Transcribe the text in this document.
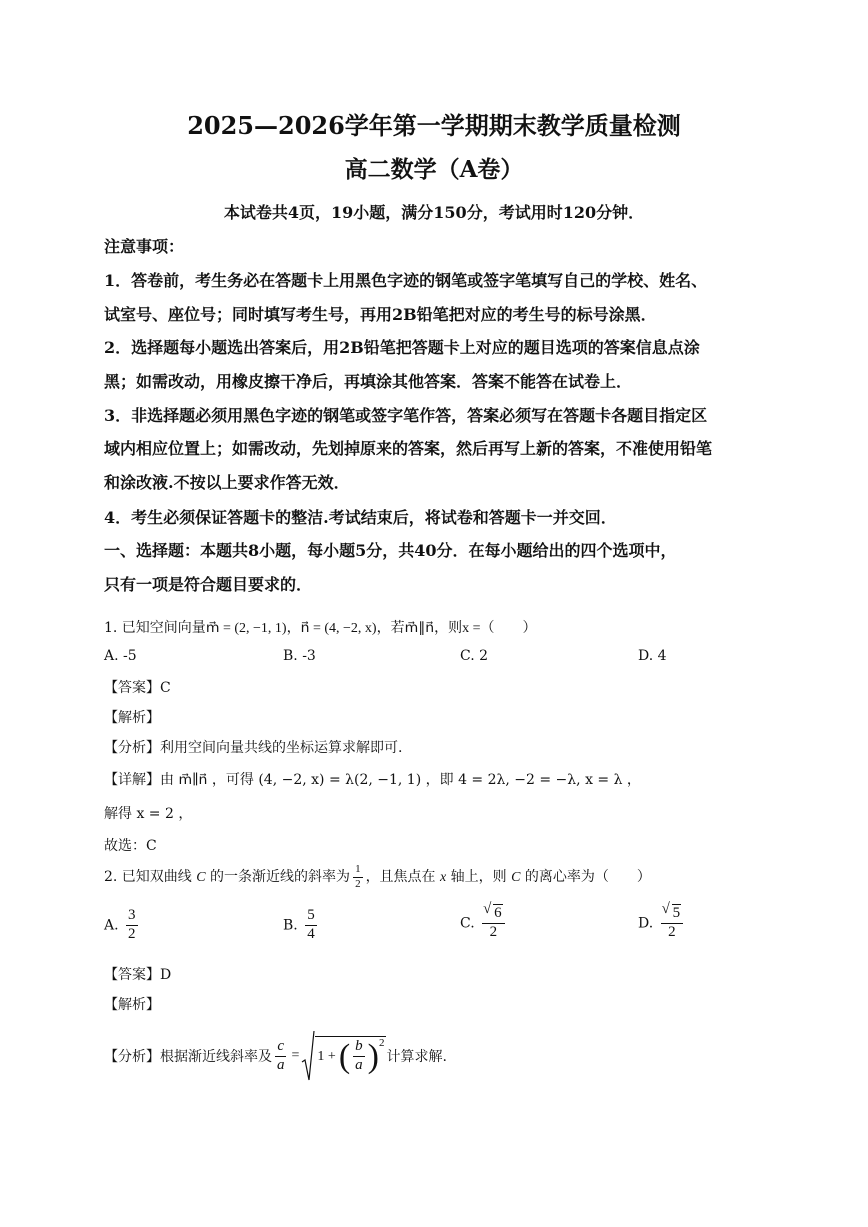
2025—2026学年第一学期期末教学质量检测
高二数学（A卷）
本试卷共4页，19小题，满分150分，考试用时120分钟．
注意事项：
1．答卷前，考生务必在答题卡上用黑色字迹的钢笔或签字笔填写自己的学校、姓名、
试室号、座位号；同时填写考生号，再用2B铅笔把对应的考生号的标号涂黑．
2．选择题每小题选出答案后，用2B铅笔把答题卡上对应的题目选项的答案信息点涂
黑；如需改动，用橡皮擦干净后，再填涂其他答案．答案不能答在试卷上．
3．非选择题必须用黑色字迹的钢笔或签字笔作答，答案必须写在答题卡各题目指定区
域内相应位置上；如需改动，先划掉原来的答案，然后再写上新的答案，不准使用铅笔
和涂改液.不按以上要求作答无效．
4．考生必须保证答题卡的整洁.考试结束后，将试卷和答题卡一并交回．
一、选择题：本题共8小题，每小题5分，共40分．在每小题给出的四个选项中，
只有一项是符合题目要求的．
1. 已知空间向量m⃗ = (2, −1, 1)，n⃗ = (4, −2, x)，若m⃗∥n⃗，则x =（　　）
A. -5	B. -3	C. 2	D. 4
【答案】C
【解析】
【分析】利用空间向量共线的坐标运算求解即可.
【详解】由 m⃗∥n⃗ ，可得 (4, −2, x) = λ(2, −1, 1) ，即 4 = 2λ, −2 = −λ, x = λ ，
解得 x = 2 ，
故选：C
2. 已知双曲线 C 的一条渐近线的斜率为 $\frac{1}{2}$ ，且焦点在 x 轴上，则 C 的离心率为（　　）
A. $\frac{3}{2}$	B. $\frac{5}{4}$	C. √ $\frac{6}{2}$	D. √ $\frac{5}{2}$
【答案】D
【解析】
【分析】根据渐近线斜率及 $\frac{c}{a} = 1$ + ( $\frac{b}{a} )^2$
计算求解.
